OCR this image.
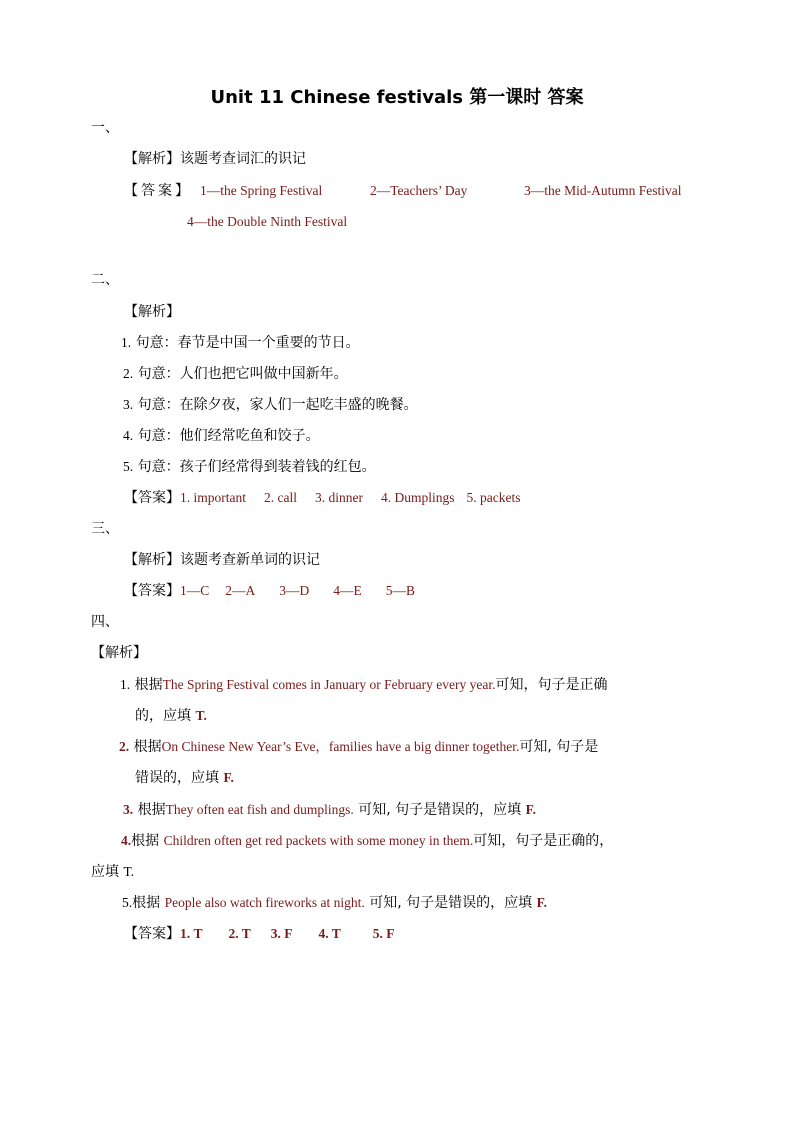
Unit 11 Chinese festivals 第一课时 答案
一、
【解析】该题考查词汇的识记
【答案】 1—the Spring Festival	2—Teachers’ Day	3—the Mid-Autumn Festival
4—the Double Ninth Festival
二、
【解析】
1. 句意：春节是中国一个重要的节日。
2. 句意：人们也把它叫做中国新年。
3. 句意：在除夕夜，家人们一起吃丰盛的晚餐。
4. 句意：他们经常吃鱼和饺子。
5. 句意：孩子们经常得到装着钱的红包。
【答案】1. important 2. call 3. dinner 4. Dumplings 5. packets
三、
【解析】该题考查新单词的识记
【答案】1—C 2—A 3—D 4—E 5—B
四、
【解析】
1. 根据The Spring Festival comes in January or February every year.可知，句子是正确
的，应填 T.
2. 根据On Chinese New Year’s Eve，families have a big dinner together.可知, 句子是
错误的，应填 F.
3. 根据They often eat fish and dumplings. 可知, 句子是错误的，应填 F.
4.根据 Children often get red packets with some money in them.可知，句子是正确的，
应填 T.
5.根据 People also watch fireworks at night. 可知, 句子是错误的，应填 F.
【答案】1. T 2. T 3. F 4. T 5. F
